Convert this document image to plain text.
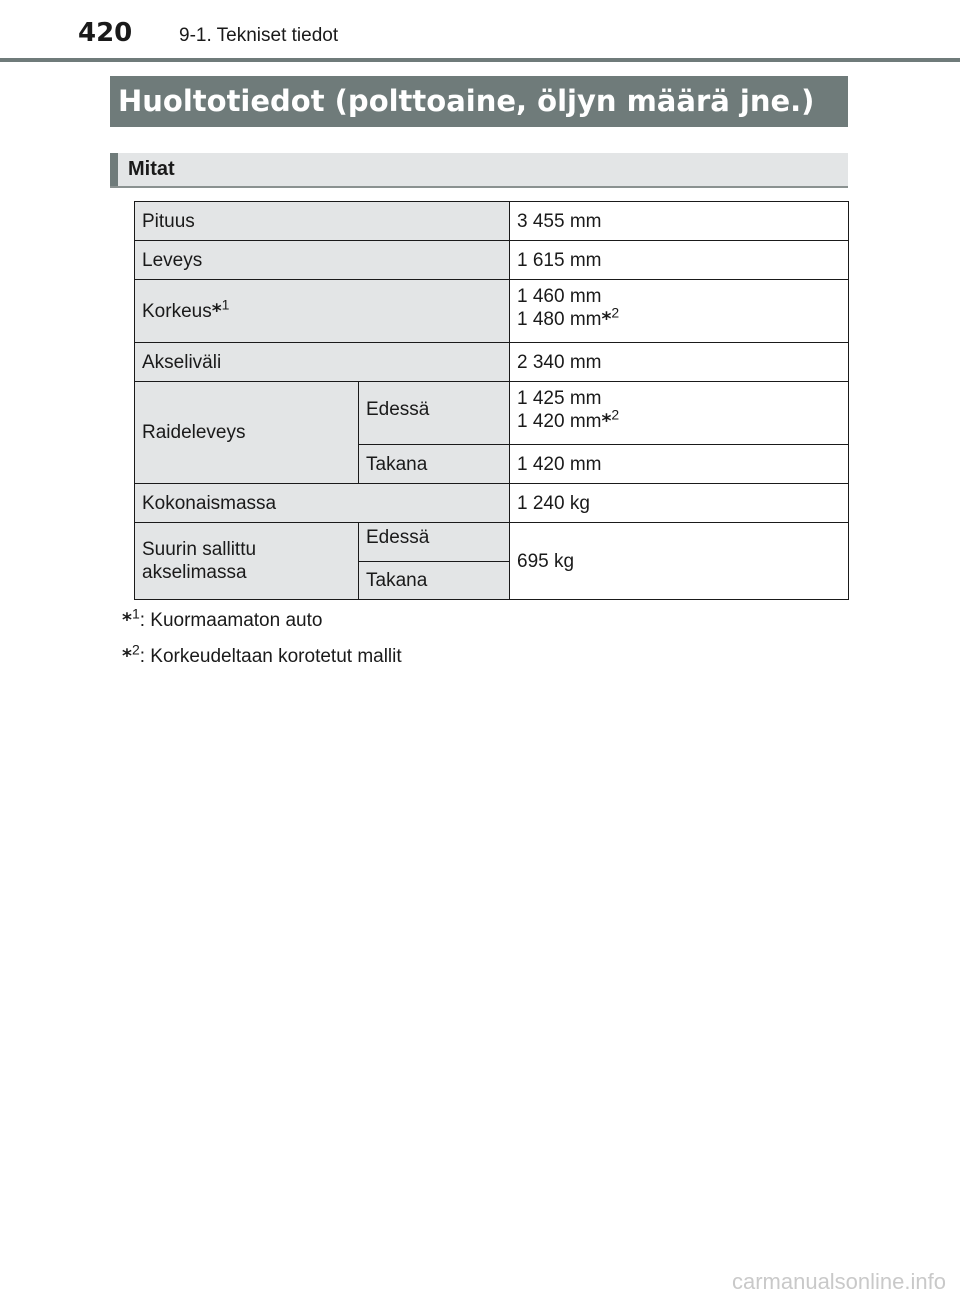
420 9-1. Tekniset tiedot
Huoltotiedot (polttoaine, öljyn määrä jne.)
Mitat
Pituus		3 455 mm
Leveys		1 615 mm
Korkeus*$^1$		1 460 mm
1 480 mm*$^2$
Akseliväli		2 340 mm
Raideleveys	Edessä	1 425 mm
1 420 mm*$^2$
	Takana	1 420 mm
Kokonaismassa		1 240 kg
Suurin sallittu
akselimassa	Edessä	695 kg
	Takana	
*$^1$: Kuormaamaton auto
*$^2$: Korkeudeltaan korotetut mallit
carmanualsonline.info
